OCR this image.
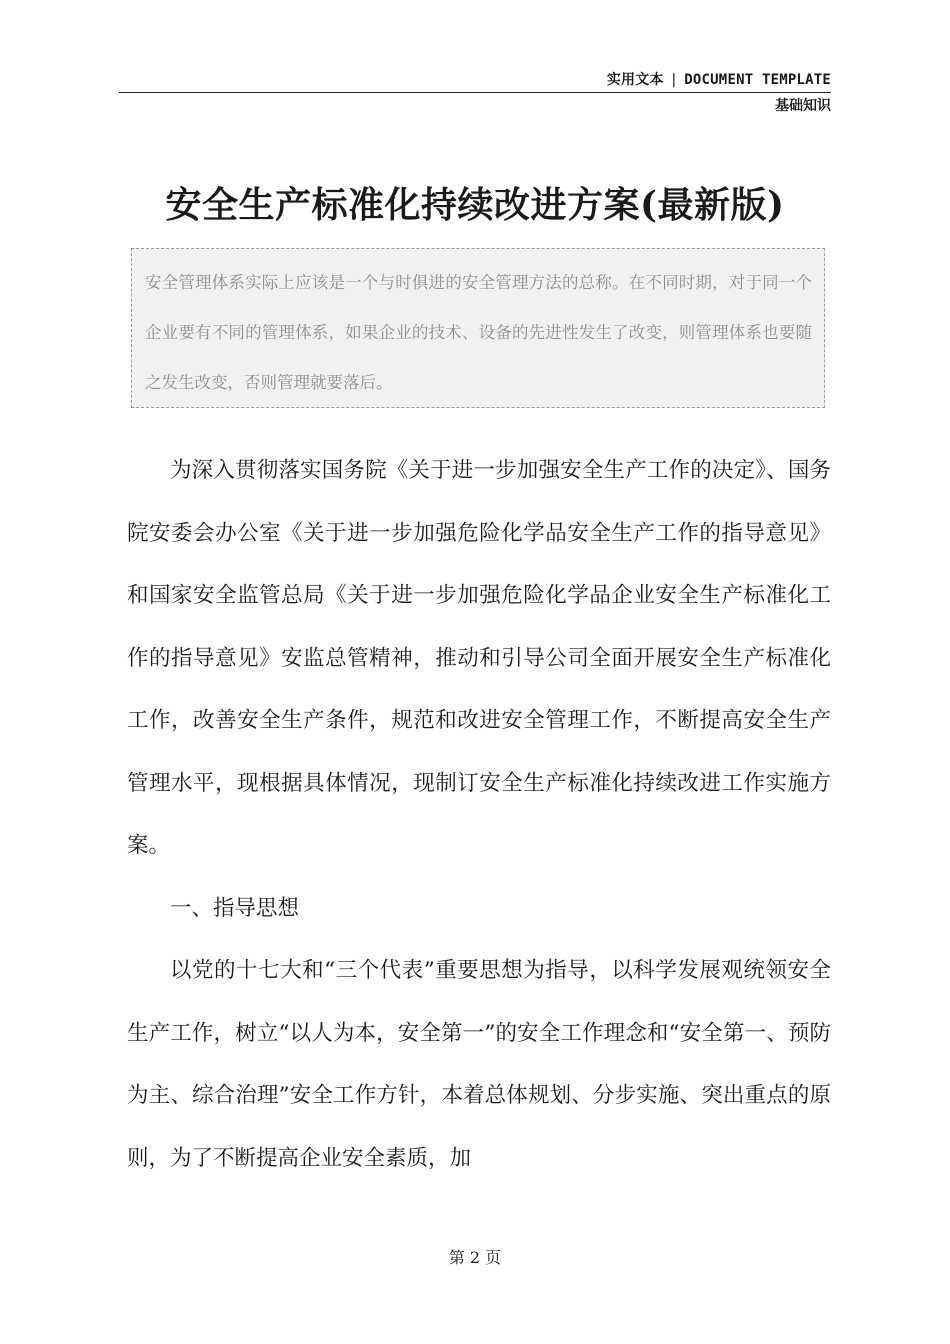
实用文本 | DOCUMENT TEMPLATE
基础知识
安全生产标准化持续改进方案(最新版)
安全管理体系实际上应该是一个与时俱进的安全管理方法的总称。在不同时期，对于同一个企业要有不同的管理体系，如果企业的技术、设备的先进性发生了改变，则管理体系也要随之发生改变，否则管理就要落后。

为深入贯彻落实国务院《关于进一步加强安全生产工作的决定》、国务院安委会办公室《关于进一步加强危险化学品安全生产工作的指导意见》和国家安全监管总局《关于进一步加强危险化学品企业安全生产标准化工作的指导意见》安监总管精神，推动和引导公司全面开展安全生产标准化工作，改善安全生产条件，规范和改进安全管理工作，不断提高安全生产管理水平，现根据具体情况，现制订安全生产标准化持续改进工作实施方案。

一、指导思想

以党的十七大和“三个代表”重要思想为指导，以科学发展观统领安全生产工作，树立“以人为本，安全第一”的安全工作理念和“安全第一、预防为主、综合治理”安全工作方针，本着总体规划、分步实施、突出重点的原则，为了不断提高企业安全素质，加

第 2 页
